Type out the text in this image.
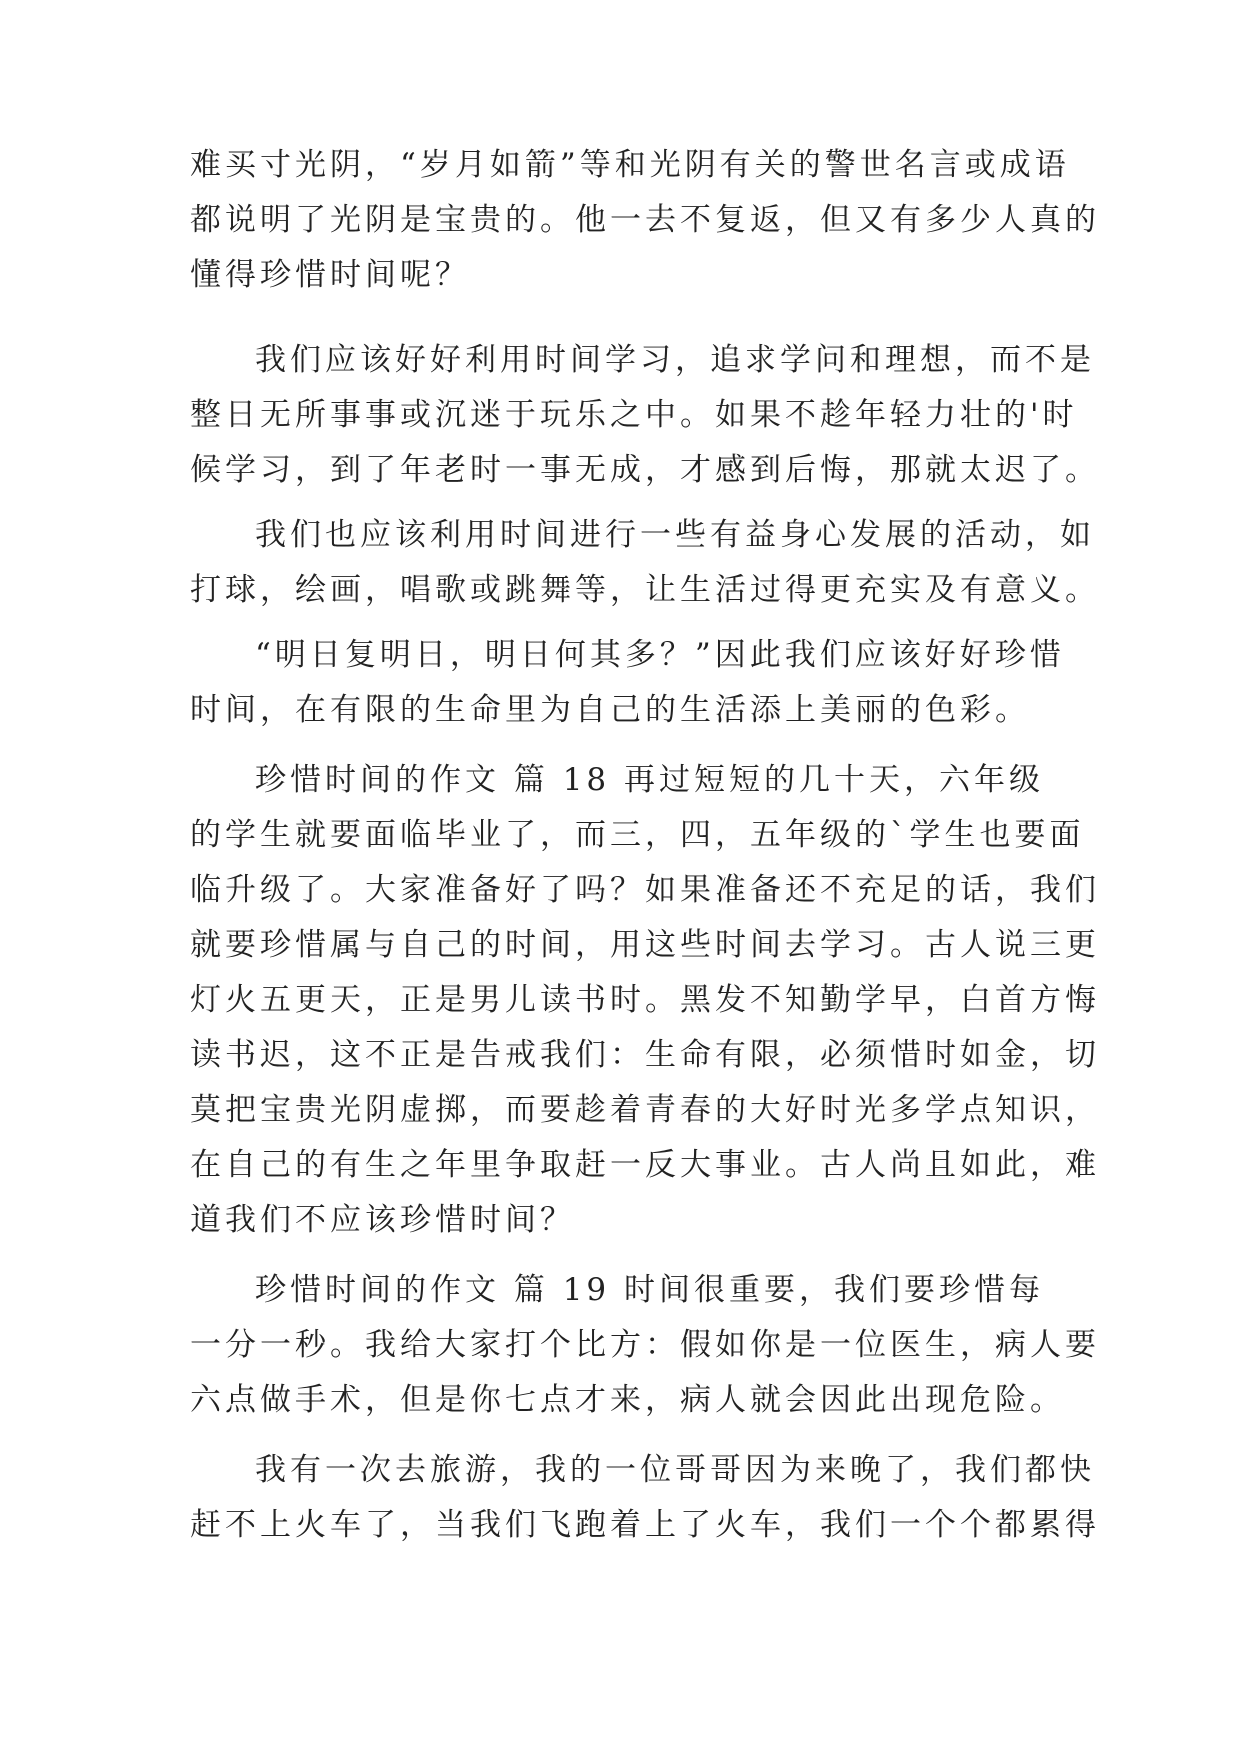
难买寸光阴，“岁月如箭”等和光阴有关的警世名言或成语
都说明了光阴是宝贵的。他一去不复返，但又有多少人真的
懂得珍惜时间呢？
我们应该好好利用时间学习，追求学问和理想，而不是
整日无所事事或沉迷于玩乐之中。如果不趁年轻力壮的'时
候学习，到了年老时一事无成，才感到后悔，那就太迟了。
我们也应该利用时间进行一些有益身心发展的活动，如
打球，绘画，唱歌或跳舞等，让生活过得更充实及有意义。
“明日复明日，明日何其多？”因此我们应该好好珍惜
时间，在有限的生命里为自己的生活添上美丽的色彩。
珍惜时间的作文 篇 18 再过短短的几十天，六年级
的学生就要面临毕业了，而三，四，五年级的`学生也要面
临升级了。大家准备好了吗？如果准备还不充足的话，我们
就要珍惜属与自己的时间，用这些时间去学习。古人说三更
灯火五更天，正是男儿读书时。黑发不知勤学早，白首方悔
读书迟，这不正是告戒我们：生命有限，必须惜时如金，切
莫把宝贵光阴虚掷，而要趁着青春的大好时光多学点知识，
在自己的有生之年里争取赶一反大事业。古人尚且如此，难
道我们不应该珍惜时间？
珍惜时间的作文 篇 19 时间很重要，我们要珍惜每
一分一秒。我给大家打个比方：假如你是一位医生，病人要
六点做手术，但是你七点才来，病人就会因此出现危险。
我有一次去旅游，我的一位哥哥因为来晚了，我们都快
赶不上火车了，当我们飞跑着上了火车，我们一个个都累得
